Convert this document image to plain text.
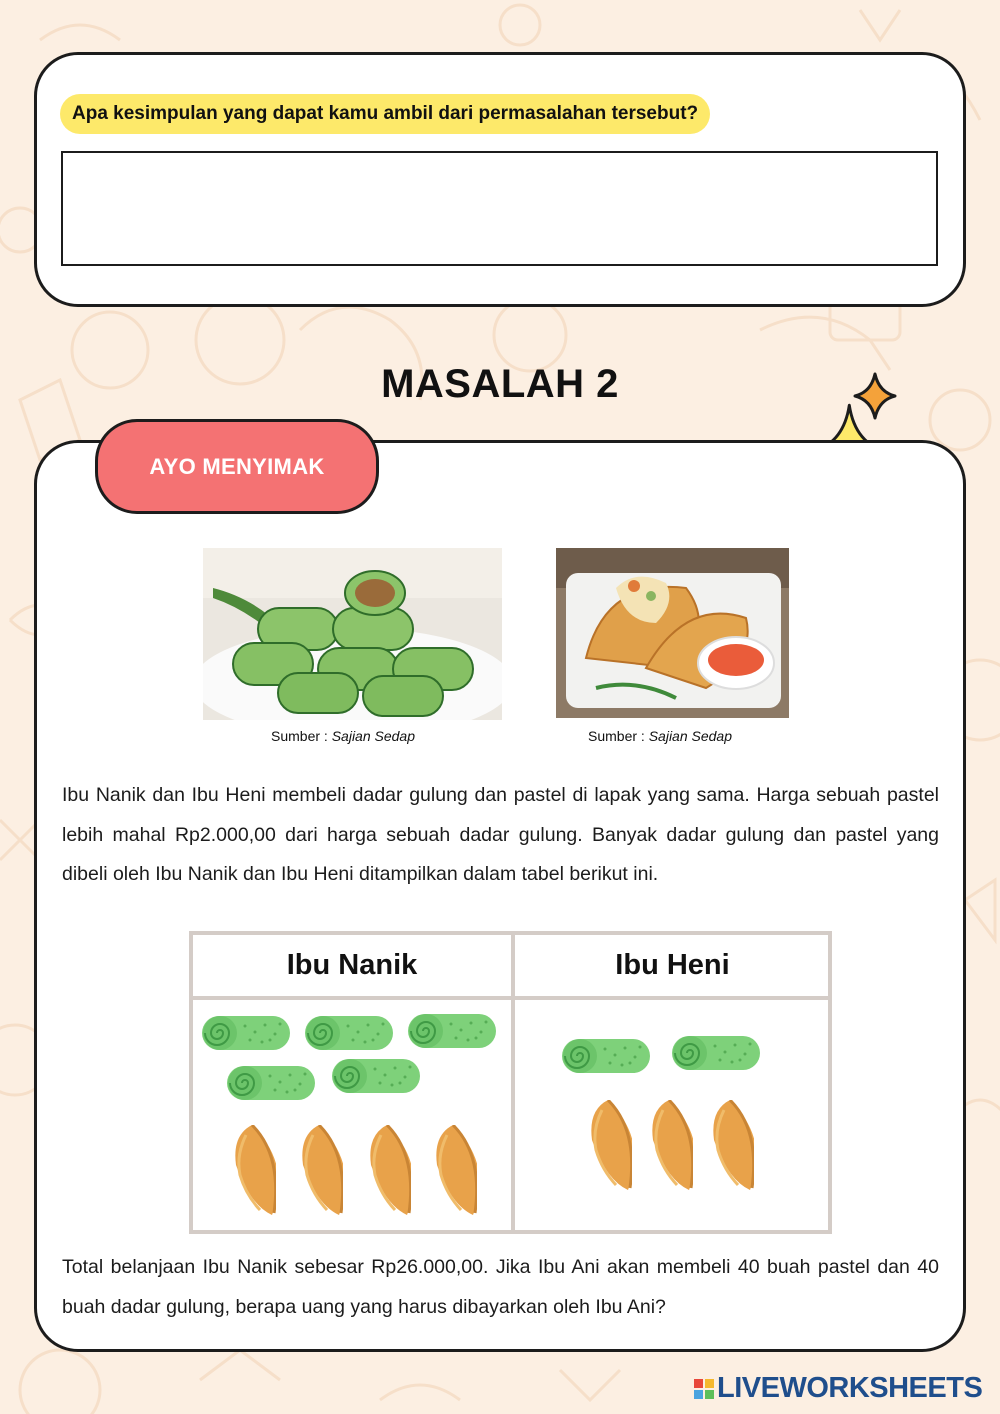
Apa kesimpulan yang dapat kamu ambil dari permasalahan tersebut?
MASALAH 2
AYO MENYIMAK
Sumber : Sajian Sedap	Sumber : Sajian Sedap
Ibu Nanik dan Ibu Heni membeli dadar gulung dan pastel di lapak yang sama. Harga sebuah pastel lebih mahal Rp2.000,00 dari harga sebuah dadar gulung. Banyak dadar gulung dan pastel yang dibeli oleh Ibu Nanik dan Ibu Heni ditampilkan dalam tabel berikut ini.
Ibu Nanik	Ibu Heni
Total belanjaan Ibu Nanik sebesar Rp26.000,00. Jika Ibu Ani akan membeli 40 buah pastel dan 40 buah dadar gulung, berapa uang yang harus dibayarkan oleh Ibu Ani?
LIVEWORKSHEETS
